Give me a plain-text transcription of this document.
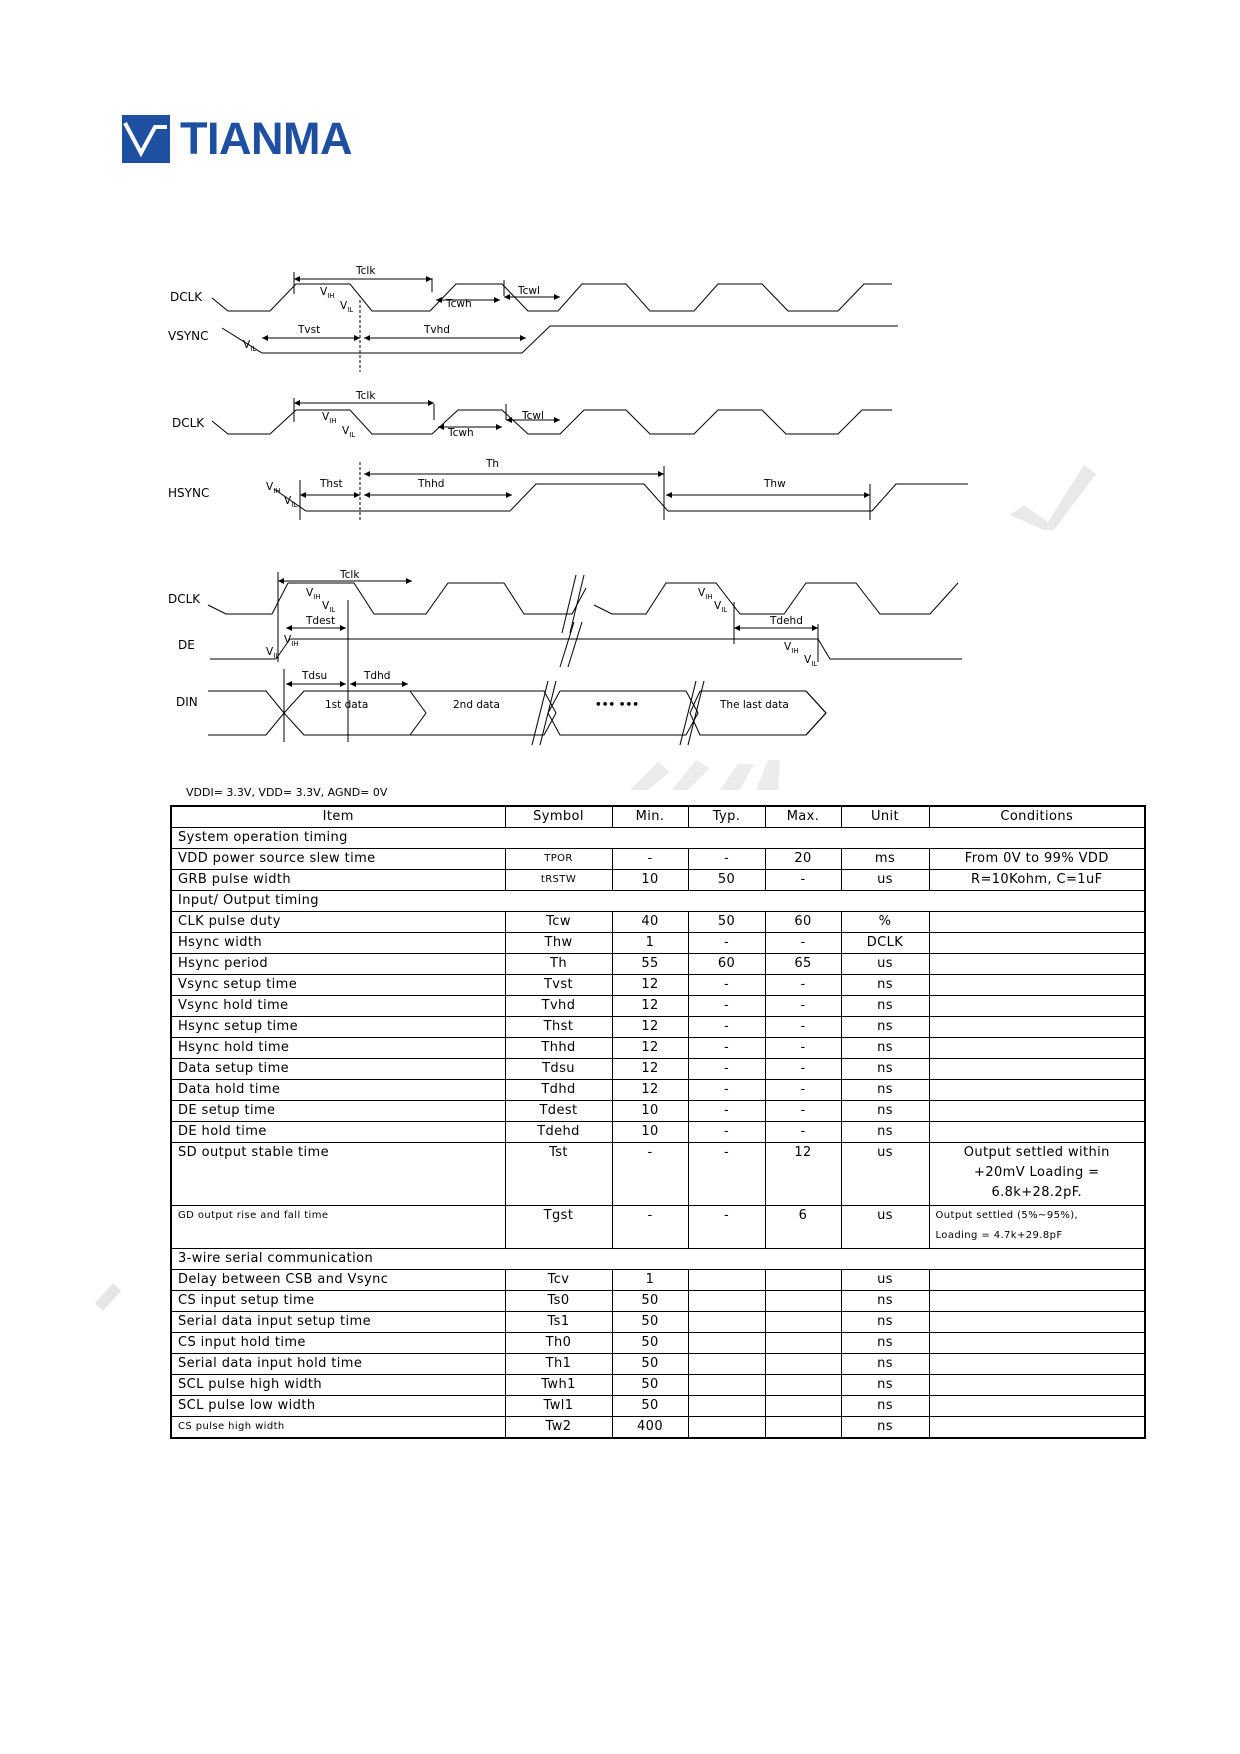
TIANMA
DCLK
VSYNC
Tclk
Tcwh
Tcwl
Tvst	Tvhd
$V_{IH}$
$V_{IL}$
$V_{IL}$
DCLK
HSYNC
Tclk
Tcwh
Tcwl
Th
Thst	Thhd	Thw
$V_{IH}$
$V_{IL}$
$V_{IH}$
$V_{IL}$
DCLK
DE
DIN
Tclk
Tdest	Tdehd
Tdsu	Tdhd
1st data	2nd data	••• •••	The last data
$V_{IH}$
$V_{IL}$
$V_{IH}$
$V_{IL}$
$V_{IH}$
$V_{IL}$
$V_{IH}$
$V_{IL}$
VDDI= 3.3V, VDD= 3.3V, AGND= 0V
Item	Symbol	Min.	Typ.	Max.	Unit	Conditions
System operation timing						
VDD power source slew time	TPOR	-	-	20	ms	From 0V to 99% VDD
GRB pulse width	tRSTW	10	50	-	us	R=10Kohm, C=1uF
Input/ Output timing						
CLK pulse duty	Tcw	40	50	60	%	
Hsync width	Thw	1	-	-	DCLK	
Hsync period	Th	55	60	65	us	
Vsync setup time	Tvst	12	-	-	ns	
Vsync hold time	Tvhd	12	-	-	ns	
Hsync setup time	Thst	12	-	-	ns	
Hsync hold time	Thhd	12	-	-	ns	
Data setup time	Tdsu	12	-	-	ns	
Data hold time	Tdhd	12	-	-	ns	
DE setup time	Tdest	10	-	-	ns	
DE hold time	Tdehd	10	-	-	ns	
SD output stable time	Tst	-	-	12	us	Output settled within
+20mV Loading =
6.8k+28.2pF.
GD output rise and fall time	Tgst	-	-	6	us	Output settled (5%~95%),
Loading = 4.7k+29.8pF
3-wire serial communication						
Delay between CSB and Vsync	Tcv	1			us	
CS input setup time	Ts0	50			ns	
Serial data input setup time	Ts1	50			ns	
CS input hold time	Th0	50			ns	
Serial data input hold time	Th1	50			ns	
SCL pulse high width	Twh1	50			ns	
SCL pulse low width	Twl1	50			ns	
CS pulse high width	Tw2	400			ns	
